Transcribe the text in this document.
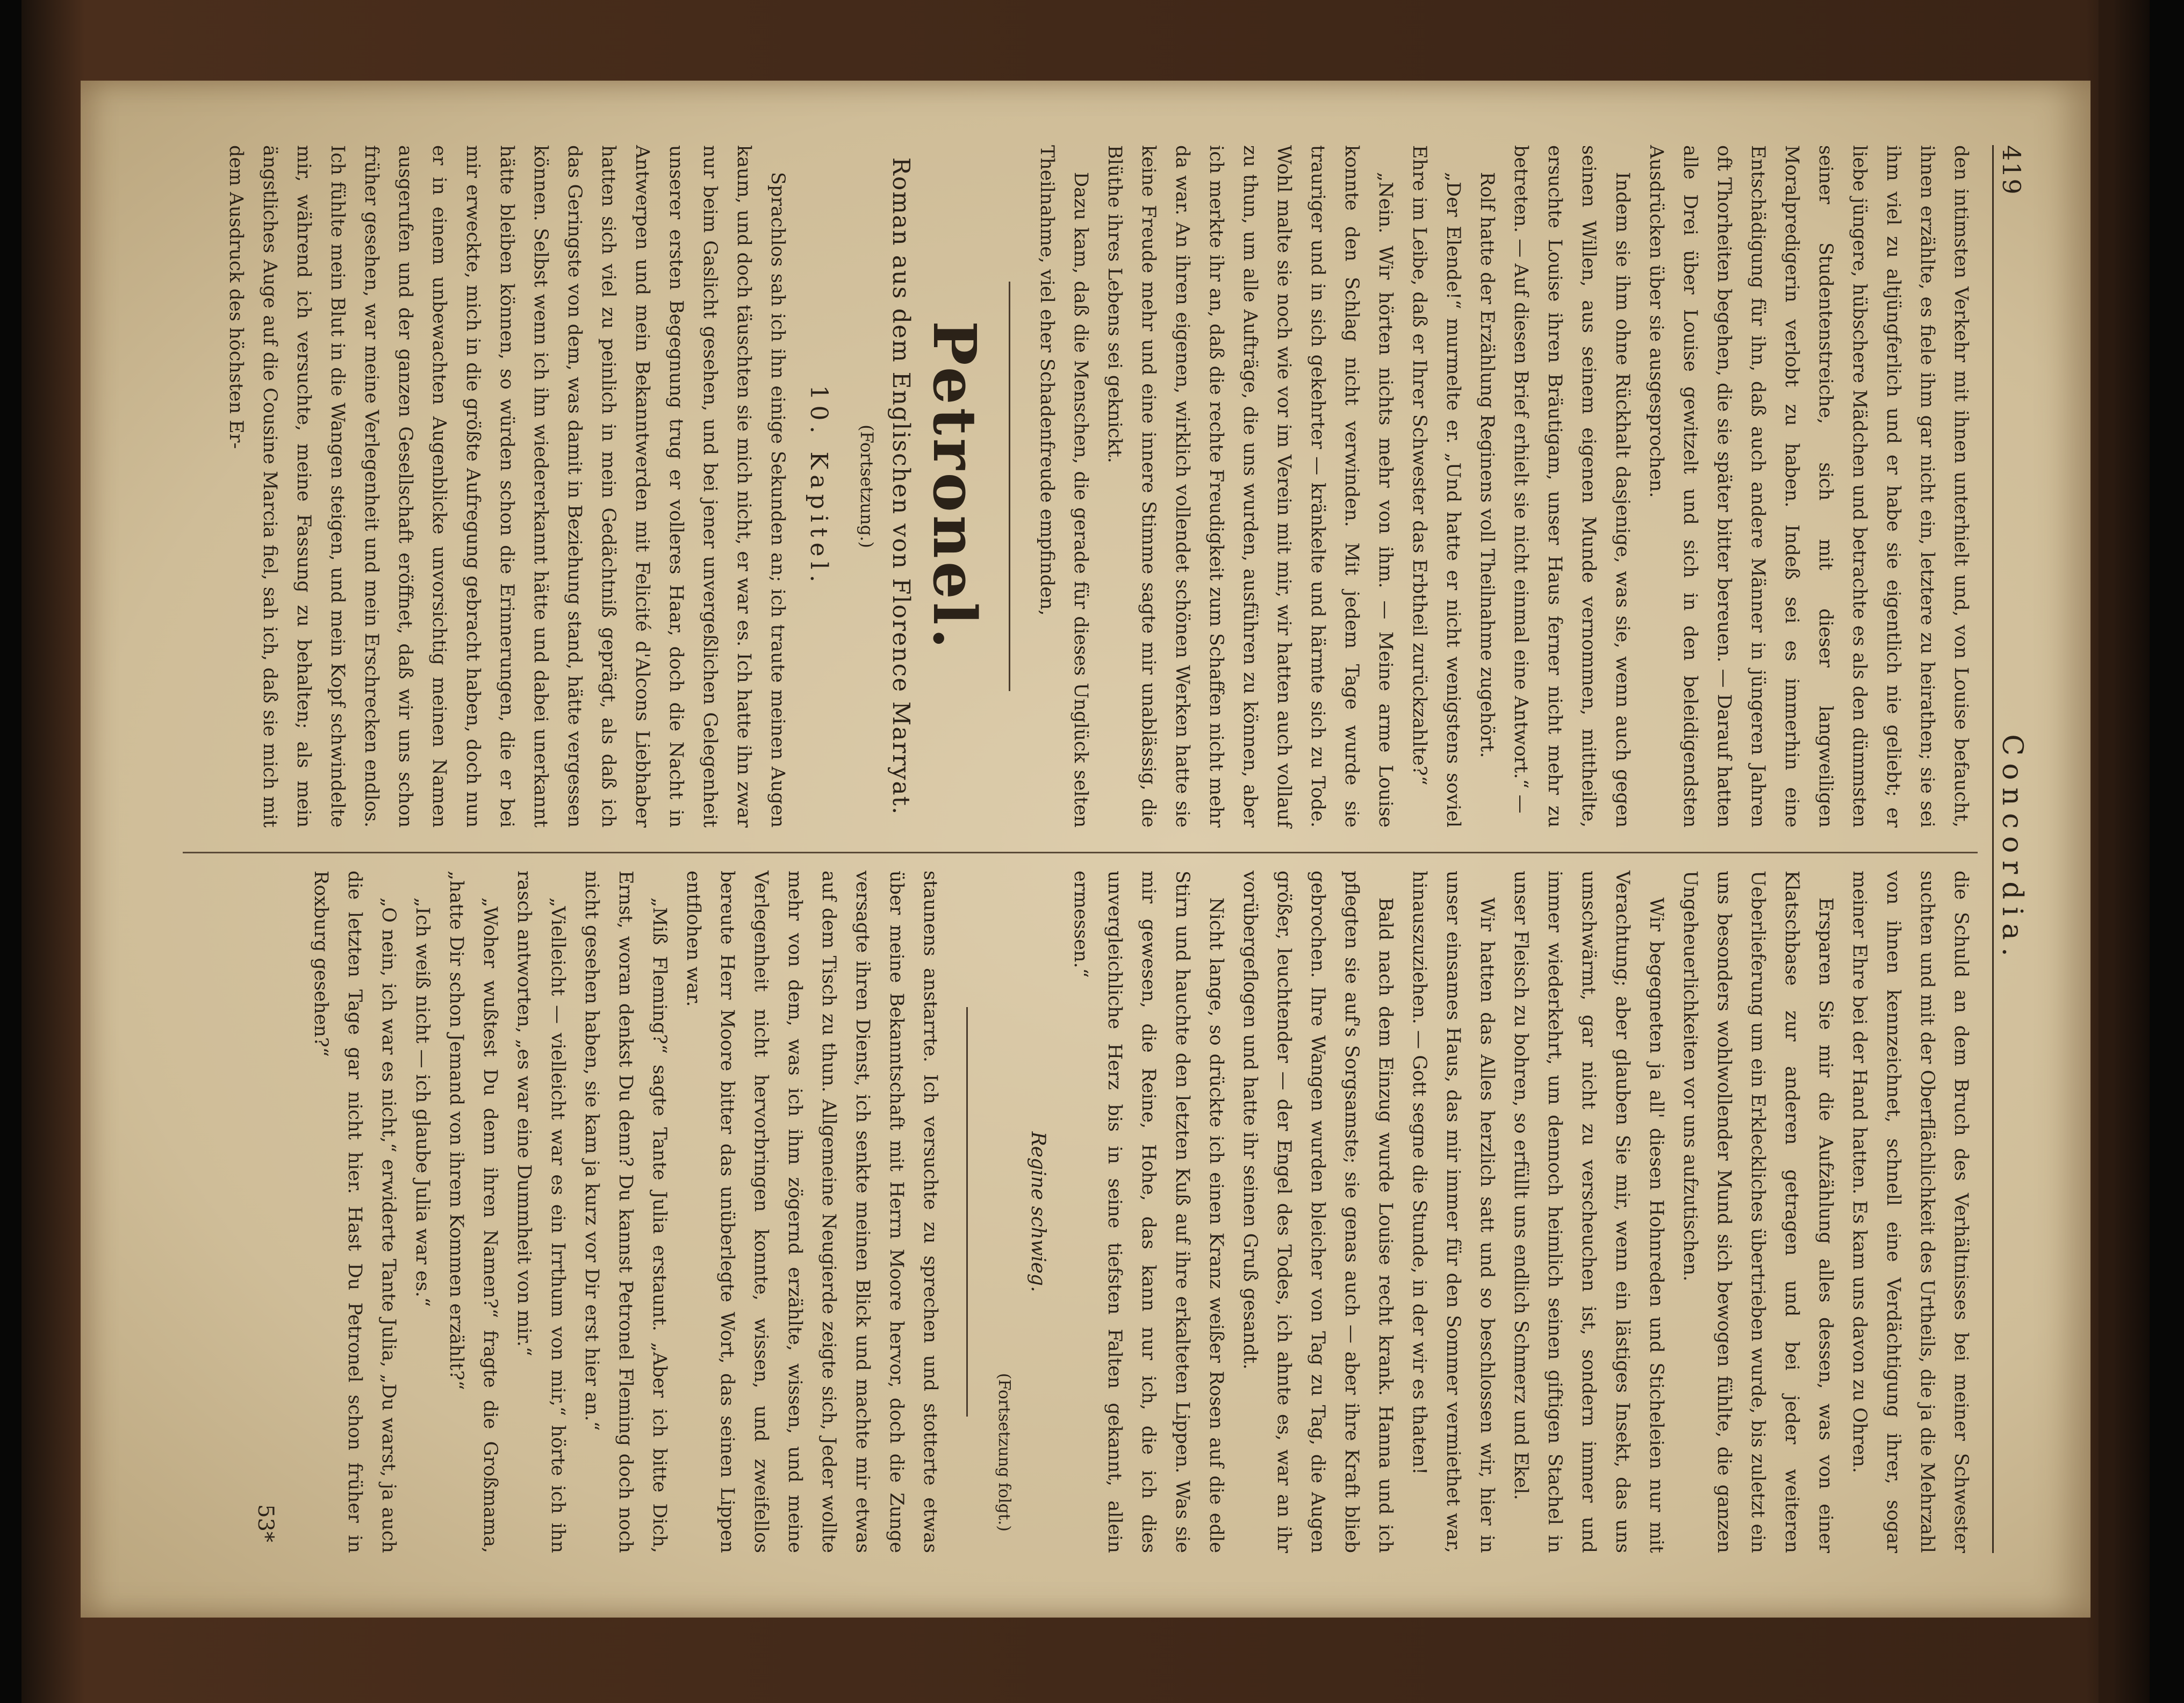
419
Concordia.

den intimsten Verkehr mit ihnen unterhielt und, von Louise befaucht, ihnen erzählte, es fiele ihm gar nicht ein, letztere zu heirathen; sie sei ihm viel zu altjüngferlich und er habe sie eigentlich nie geliebt; er liebe jüngere, hübschere Mädchen und betrachte es als den dümmsten seiner Studentenstreiche, sich mit dieser langweiligen Moralpredigerin verlobt zu haben. Indeß sei es immerhin eine Entschädigung für ihn, daß auch andere Männer in jüngeren Jahren oft Thorheiten begehen, die sie später bitter bereuen. — Darauf hatten alle Drei über Louise gewitzelt und sich in den beleidigendsten Ausdrücken über sie ausgesprochen.

Indem sie ihm ohne Rückhalt dasjenige, was sie, wenn auch gegen seinen Willen, aus seinem eigenen Munde vernommen, mittheilte, ersuchte Louise ihren Bräutigam, unser Haus ferner nicht mehr zu betreten. — Auf diesen Brief erhielt sie nicht einmal eine Antwort.“ —

Rolf hatte der Erzählung Reginens voll Theilnahme zugehört.

„Der Elende!“ murmelte er. „Und hatte er nicht wenigstens soviel Ehre im Leibe, daß er Ihrer Schwester das Erbtheil zurückzahlte?“

„Nein. Wir hörten nichts mehr von ihm. — Meine arme Louise konnte den Schlag nicht verwinden. Mit jedem Tage wurde sie trauriger und in sich gekehrter — kränkelte und härmte sich zu Tode. Wohl malte sie noch wie vor im Verein mit mir, wir hatten auch vollauf zu thun, um alle Aufträge, die uns wurden, ausführen zu können, aber ich merkte ihr an, daß die rechte Freudigkeit zum Schaffen nicht mehr da war. An ihren eigenen, wirklich vollendet schönen Werken hatte sie keine Freude mehr und eine innere Stimme sagte mir unablässig, die Blüthe ihres Lebens sei geknickt.

Dazu kam, daß die Menschen, die gerade für dieses Unglück selten Theilnahme, viel eher Schadenfreude empfinden,

Petronel.
Roman aus dem Englischen von Florence Marryat.
(Fortsetzung.)
10. Kapitel.

Sprachlos sah ich ihn einige Sekunden an; ich traute meinen Augen kaum, und doch täuschten sie mich nicht, er war es. Ich hatte ihn zwar nur beim Gaslicht gesehen, und bei jener unvergeßlichen Gelegenheit unserer ersten Begegnung trug er volleres Haar, doch die Nacht in Antwerpen und mein Bekanntwerden mit Felicité d'Alcons Liebhaber hatten sich viel zu peinlich in mein Gedächtniß geprägt, als daß ich das Geringste von dem, was damit in Beziehung stand, hätte vergessen können. Selbst wenn ich ihn wiedererkannt hätte und dabei unerkannt hätte bleiben können, so würden schon die Erinnerungen, die er bei mir erweckte, mich in die größte Aufregung gebracht haben, doch nun er in einem unbewachten Augenblicke unvorsichtig meinen Namen ausgerufen und der ganzen Gesellschaft eröffnet, daß wir uns schon früher gesehen, war meine Verlegenheit und mein Erschrecken endlos. Ich fühlte mein Blut in die Wangen steigen, und mein Kopf schwindelte mir, während ich versuchte, meine Fassung zu behalten; als mein ängstliches Auge auf die Cousine Marcia fiel, sah ich, daß sie mich mit dem Ausdruck des höchsten Er-

die Schuld an dem Bruch des Verhältnisses bei meiner Schwester suchten und mit der Oberflächlichkeit des Urtheils, die ja die Mehrzahl von ihnen kennzeichnet, schnell eine Verdächtigung ihrer, sogar meiner Ehre bei der Hand hatten. Es kam uns davon zu Ohren.

Ersparen Sie mir die Aufzählung alles dessen, was von einer Klatschbase zur anderen getragen und bei jeder weiteren Ueberlieferung um ein Erkleckliches übertrieben wurde, bis zuletzt ein uns besonders wohlwollender Mund sich bewogen fühlte, die ganzen Ungeheuerlichkeiten vor uns aufzutischen.

Wir begegneten ja all' diesen Hohnreden und Sticheleien nur mit Verachtung; aber glauben Sie mir, wenn ein lästiges Insekt, das uns umschwärmt, gar nicht zu verscheuchen ist, sondern immer und immer wiederkehrt, um dennoch heimlich seinen giftigen Stachel in unser Fleisch zu bohren, so erfüllt uns endlich Schmerz und Ekel.

Wir hatten das Alles herzlich satt und so beschlossen wir, hier in unser einsames Haus, das mir immer für den Sommer vermiethet war, hinauszuziehen. — Gott segne die Stunde, in der wir es thaten!

Bald nach dem Einzug wurde Louise recht krank. Hanna und ich pflegten sie auf's Sorgsamste; sie genas auch — aber ihre Kraft blieb gebrochen. Ihre Wangen wurden bleicher von Tag zu Tag, die Augen größer, leuchtender — der Engel des Todes, ich ahnte es, war an ihr vorübergeflogen und hatte ihr seinen Gruß gesandt.

Nicht lange, so drückte ich einen Kranz weißer Rosen auf die edle Stirn und hauchte den letzten Kuß auf ihre erkalteten Lippen. Was sie mir gewesen, die Reine, Hohe, das kann nur ich, die ich dies unvergleichliche Herz bis in seine tiefsten Falten gekannt, allein ermessen.“

Regine schwieg.
(Fortsetzung folgt.)

staunens anstarrte. Ich versuchte zu sprechen und stotterte etwas über meine Bekanntschaft mit Herrn Moore hervor, doch die Zunge versagte ihren Dienst, ich senkte meinen Blick und machte mir etwas auf dem Tisch zu thun. Allgemeine Neugierde zeigte sich, Jeder wollte mehr von dem, was ich ihm zögernd erzählte, wissen, und meine Verlegenheit nicht hervorbringen konnte, wissen, und zweifellos bereute Herr Moore bitter das unüberlegte Wort, das seinen Lippen entflohen war.

„Miß Fleming?“ sagte Tante Julia erstaunt. „Aber ich bitte Dich, Ernst, woran denkst Du denn? Du kannst Petronel Fleming doch noch nicht gesehen haben, sie kam ja kurz vor Dir erst hier an.“

„Vielleicht — vielleicht war es ein Irrthum von mir,“ hörte ich ihn rasch antworten, „es war eine Dummheit von mir.“

„Woher wußtest Du denn ihren Namen?“ fragte die Großmama, „hatte Dir schon Jemand von ihrem Kommen erzählt?“

„Ich weiß nicht — ich glaube Julia war es.“

„O nein, ich war es nicht,“ erwiderte Tante Julia, „Du warst, ja auch die letzten Tage gar nicht hier. Hast Du Petronel schon früher in Roxburg gesehen?“

53*
